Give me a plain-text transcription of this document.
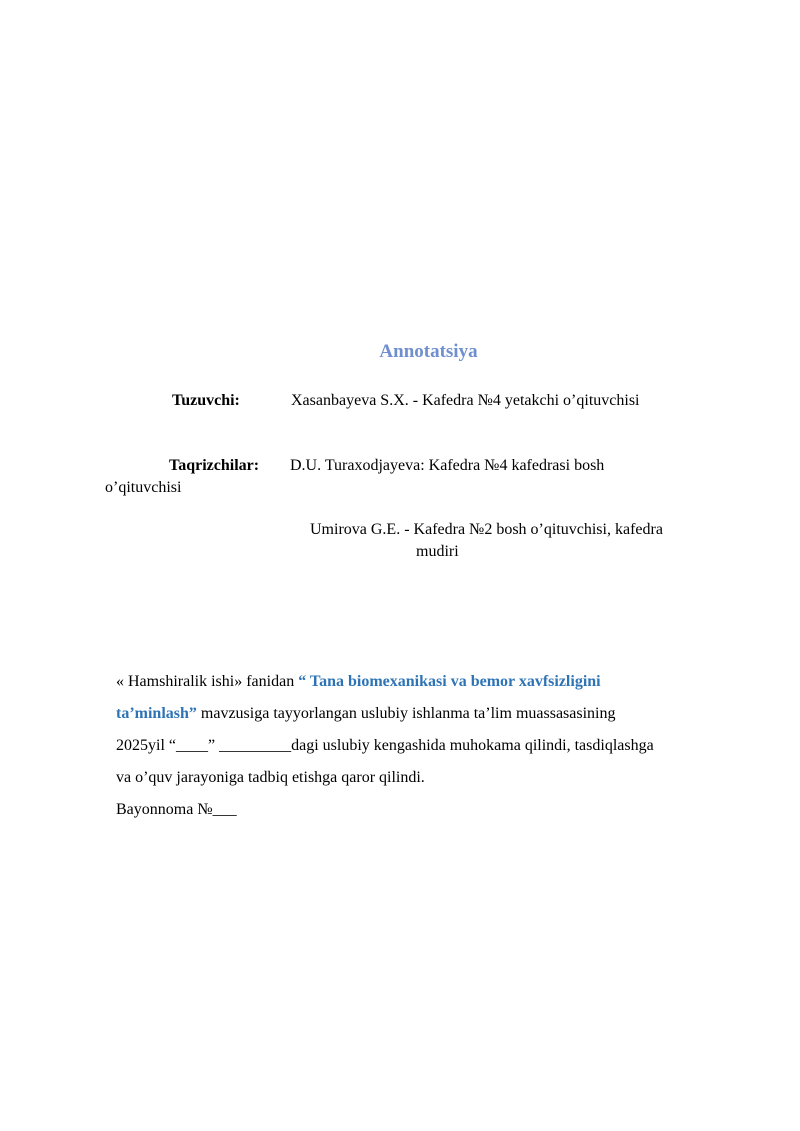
Annotatsiya
Tuzuvchi:	Xasanbayeva S.X. - Kafedra №4 yetakchi o’qituvchisi
Taqrizchilar: D.U. Turaxodjayeva: Kafedra №4 kafedrasi bosh
o’qituvchisi
Umirova G.E. - Kafedra №2 bosh o’qituvchisi, kafedra
mudiri
« Hamshiralik ishi» fanidan “ Tana biomexanikasi va bemor xavfsizligini
ta’minlash” mavzusiga tayyorlangan uslubiy ishlanma ta’lim muassasasining
2025yil “____” _________dagi uslubiy kengashida muhokama qilindi, tasdiqlashga
va o’quv jarayoniga tadbiq etishga qaror qilindi.
Bayonnoma №___
